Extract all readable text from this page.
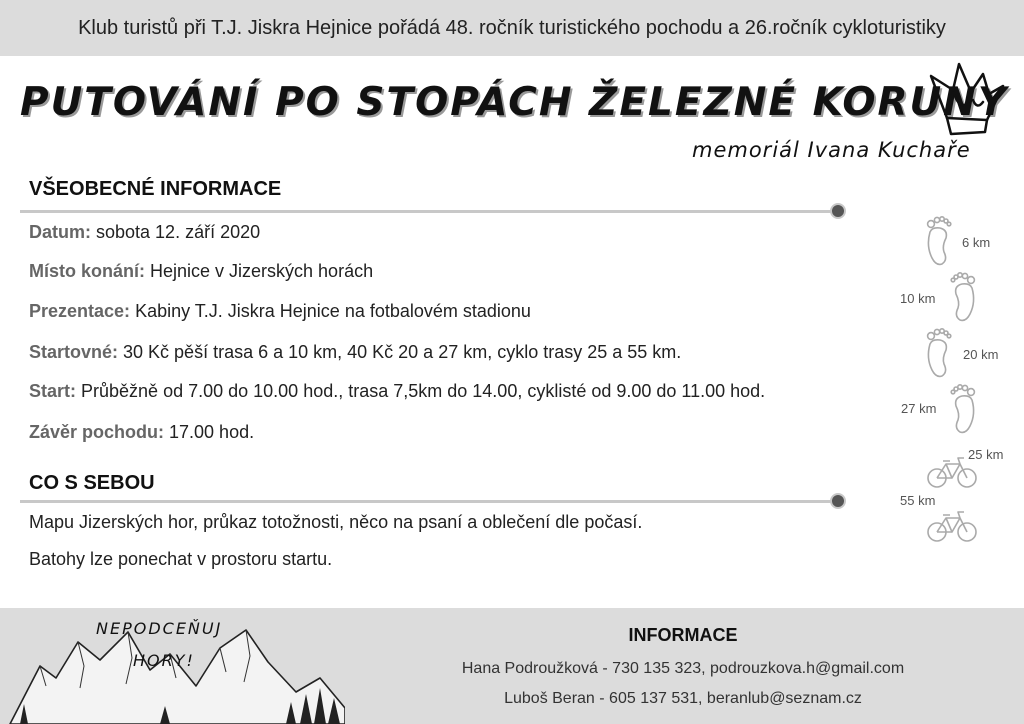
Klub turistů při T.J. Jiskra Hejnice pořádá 48. ročník turistického pochodu a 26.ročník cykloturistiky
PUTOVÁNÍ PO STOPÁCH ŽELEZNÉ KORUNY
memoriál Ivana Kuchaře
VŠEOBECNÉ INFORMACE
Datum: sobota 12. září 2020
Místo konání: Hejnice v Jizerských horách
Prezentace: Kabiny T.J. Jiskra Hejnice na fotbalovém stadionu
Startovné: 30 Kč pěší trasa 6 a 10 km, 40 Kč 20 a 27 km, cyklo trasy 25 a 55 km.
Start: Průběžně od 7.00 do 10.00 hod., trasa 7,5km do 14.00, cyklisté od 9.00 do 11.00 hod.
Závěr pochodu: 17.00 hod.
CO S SEBOU
Mapu Jizerských hor, průkaz totožnosti, něco na psaní a oblečení dle počasí.
Batohy lze ponechat v prostoru startu.
6 km
10 km
20 km
27 km
25 km
55 km
NEPODCEŇUJ
HORY!
INFORMACE
Hana Podroužková - 730 135 323, podrouzkova.h@gmail.com
Luboš Beran - 605 137 531, beranlub@seznam.cz
